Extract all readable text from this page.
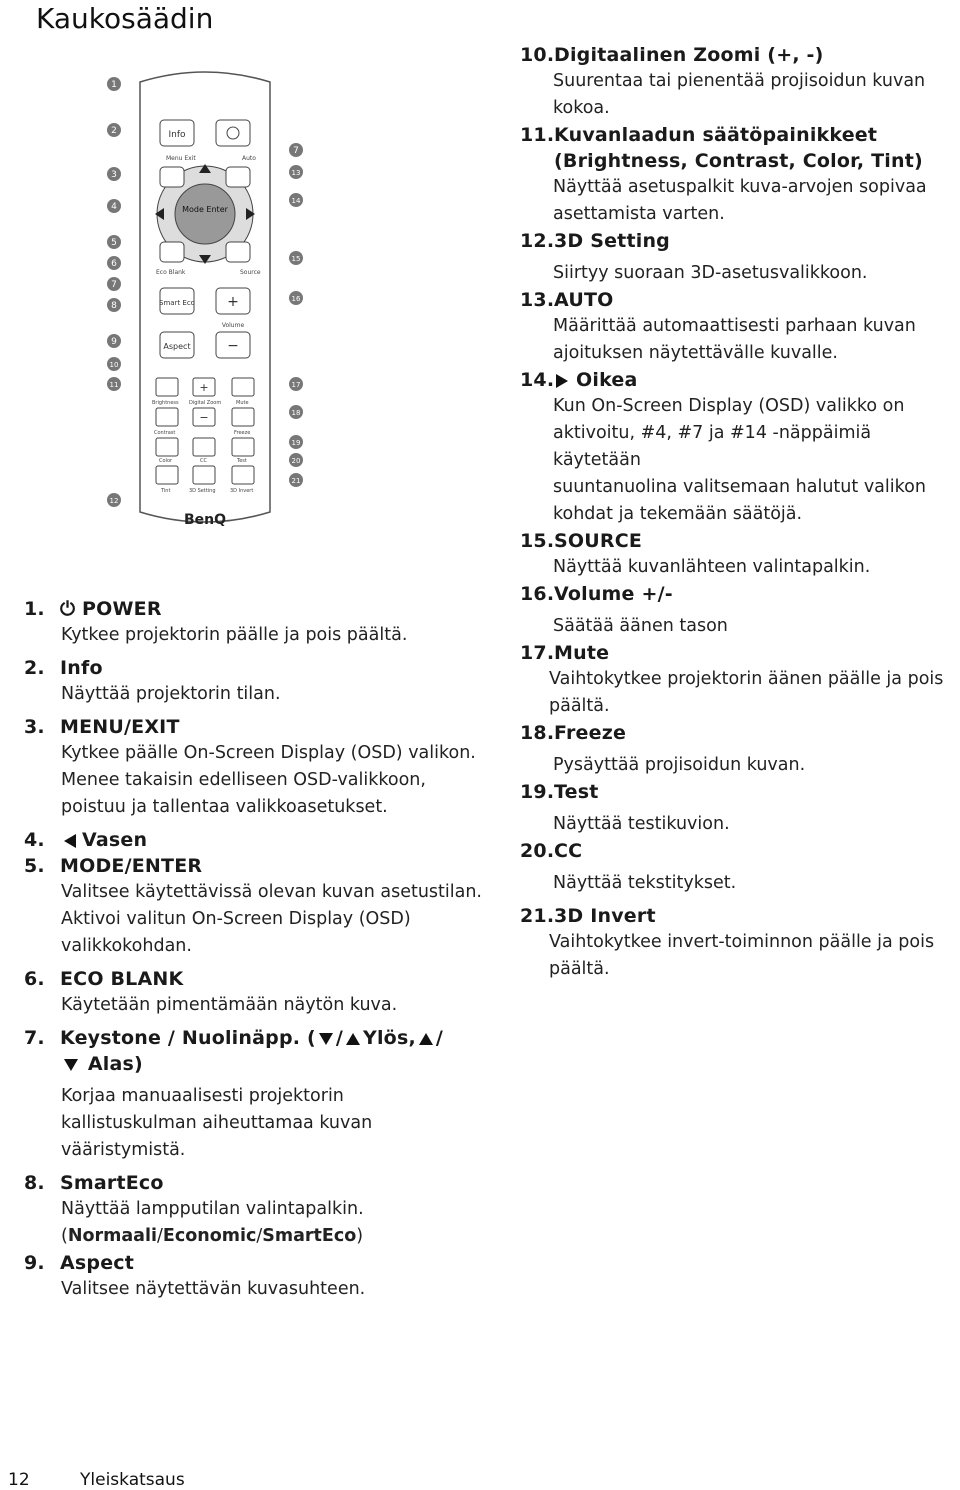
Kaukosäädin
Info
Menu Exit	Auto
Mode Enter
Eco Blank	Source
Smart Eco +
Volume
Aspect	−
+
−
Brightness Digital Zoom	Mute
Contrast	Freeze
Color	CC	Test
Tint	3D Setting	3D Invert
BenQ
1
2
3
4
5
6
7
8
9
10
11
12
7
13
14
15
16
17
18
19
20
21
1. ⏻ POWER
Kytkee projektorin päälle ja pois päältä.
2. Info
Näyttää projektorin tilan.
3. MENU/EXIT
Kytkee päälle On-Screen Display (OSD) valikon.
Menee takaisin edelliseen OSD-valikkoon,
poistuu ja tallentaa valikkoasetukset.
4. Vasen
5. MODE/ENTER
Valitsee käytettävissä olevan kuvan asetustilan.
Aktivoi valitun On-Screen Display (OSD)
valikkokohdan.
6. ECO BLANK
Käytetään pimentämään näytön kuva.
7. Keystone / Nuolinäpp. ( / Ylös, /
Alas)
Korjaa manuaalisesti projektorin
kallistuskulman aiheuttamaa kuvan
vääristymistä.
8. SmartEco
Näyttää lampputilan valintapalkin.
(Normaali/Economic/SmartEco)
9. Aspect
Valitsee näytettävän kuvasuhteen.
10.Digitaalinen Zoomi (+, -)
Suurentaa tai pienentää projisoidun kuvan
kokoa.
11.Kuvanlaadun säätöpainikkeet
(Brightness, Contrast, Color, Tint)
Näyttää asetuspalkit kuva-arvojen sopivaa
asettamista varten.
12.3D Setting
Siirtyy suoraan 3D-asetusvalikkoon.
13.AUTO
Määrittää automaattisesti parhaan kuvan
ajoituksen näytettävälle kuvalle.
14. Oikea
Kun On-Screen Display (OSD) valikko on
aktivoitu, #4, #7 ja #14 -näppäimiä käytetään
suuntanuolina valitsemaan halutut valikon
kohdat ja tekemään säätöjä.
15.SOURCE
Näyttää kuvanlähteen valintapalkin.
16.Volume +/-
Säätää äänen tason
17.Mute
Vaihtokytkee projektorin äänen päälle ja pois
päältä.
18.Freeze
Pysäyttää projisoidun kuvan.
19.Test
Näyttää testikuvion.
20.CC
Näyttää tekstitykset.
21.3D Invert
Vaihtokytkee invert-toiminnon päälle ja pois
päältä.
12	Yleiskatsaus
